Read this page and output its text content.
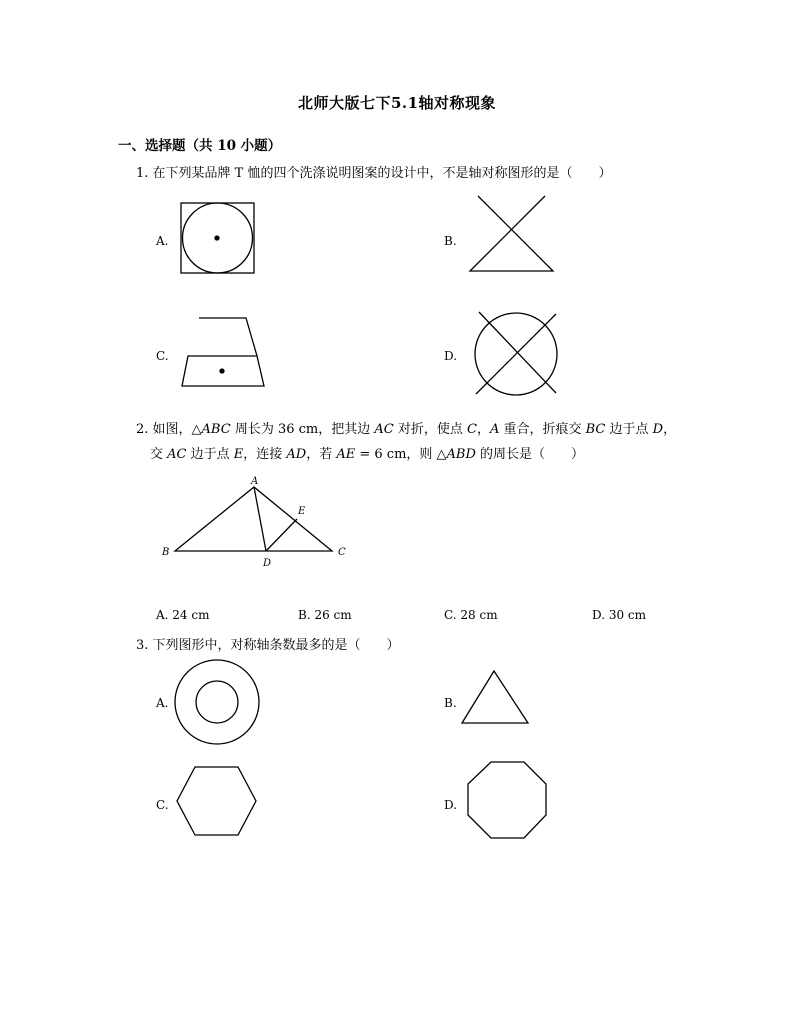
北师大版七下5.1轴对称现象
一、选择题（共 10 小题）
1. 在下列某品牌 T 恤的四个洗涤说明图案的设计中，不是轴对称图形的是（　　）
A.	B.
C.	D.
2. 如图，△ABC 周长为 36 cm，把其边 AC 对折，使点 C，A 重合，折痕交 BC 边于点 D，
交 AC 边于点 E，连接 AD，若 AE = 6 cm，则 △ABD 的周长是（　　）
A
B	C
D
E
A. 24 cm	B. 26 cm	C. 28 cm	D. 30 cm
3. 下列图形中，对称轴条数最多的是（　　）
A.	B.
C.	D.
